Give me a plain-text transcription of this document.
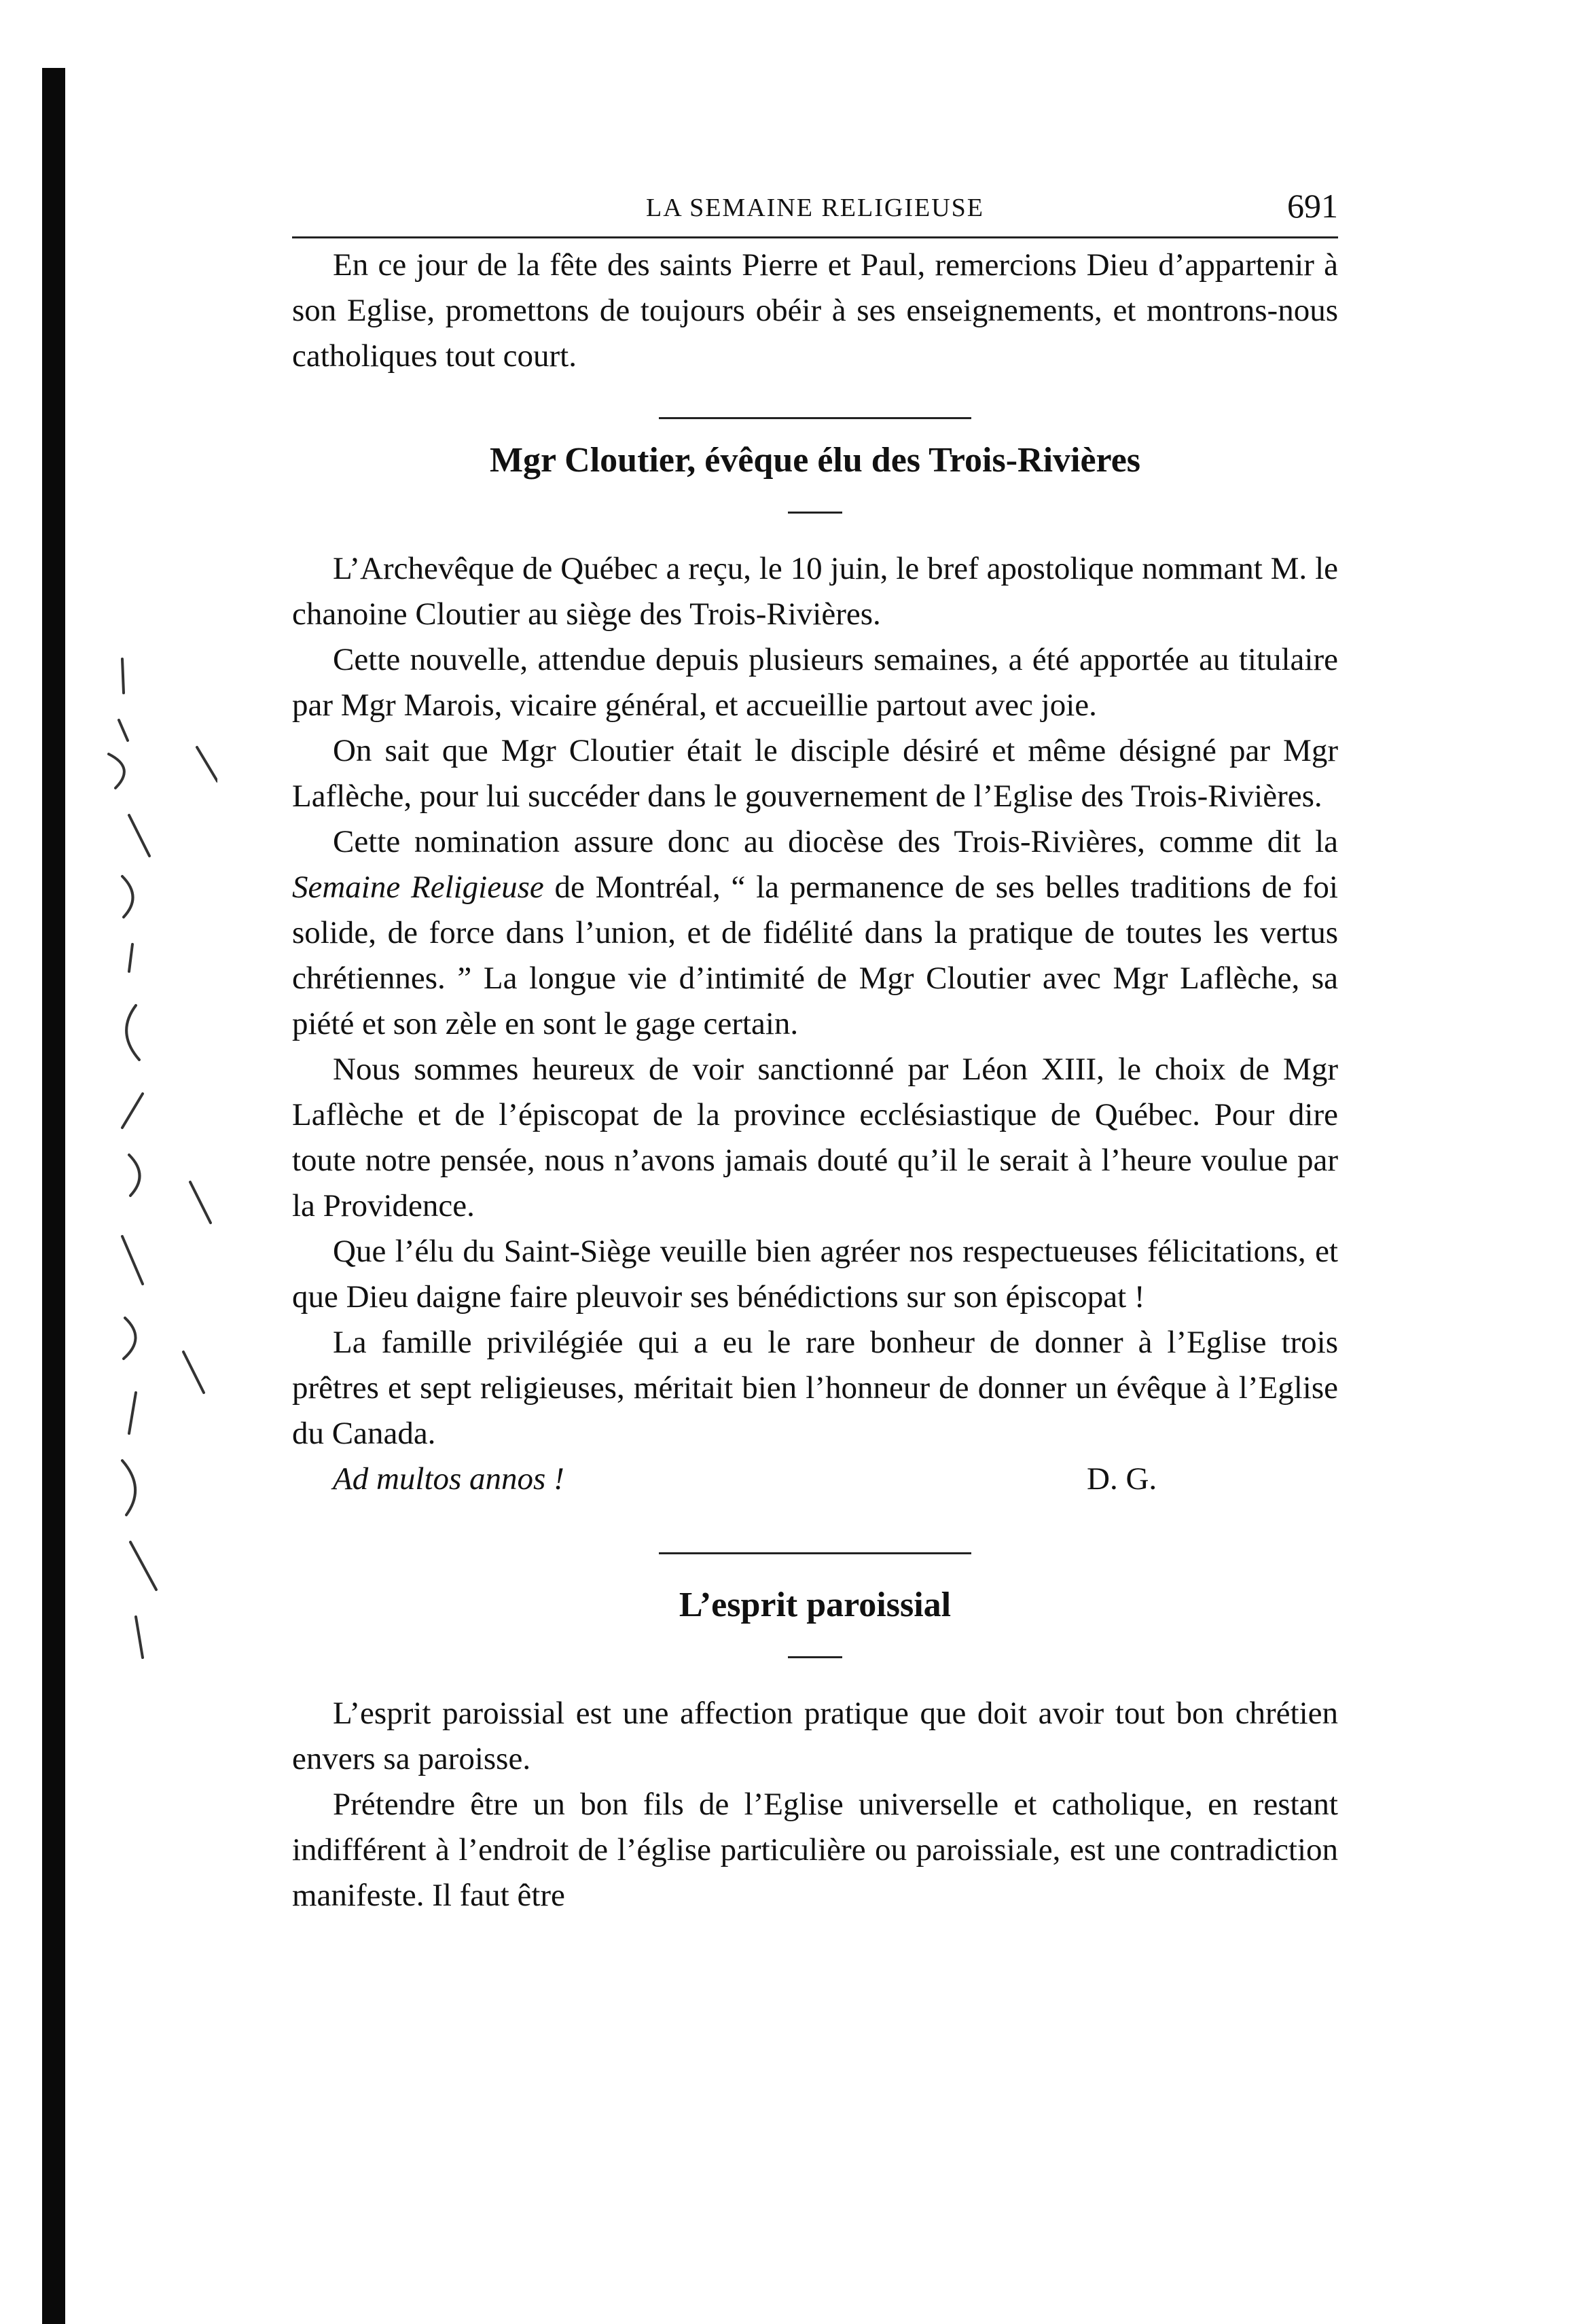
LA SEMAINE RELIGIEUSE	691

En ce jour de la fête des saints Pierre et Paul, remercions Dieu d’appartenir à son Eglise, promettons de toujours obéir à ses enseignements, et montrons-nous catholiques tout court.

Mgr Cloutier, évêque élu des Trois-Rivières

L’Archevêque de Québec a reçu, le 10 juin, le bref apostolique nommant M. le chanoine Cloutier au siège des Trois-Rivières.

Cette nouvelle, attendue depuis plusieurs semaines, a été apportée au titulaire par Mgr Marois, vicaire général, et accueillie partout avec joie.

On sait que Mgr Cloutier était le disciple désiré et même désigné par Mgr Laflèche, pour lui succéder dans le gouvernement de l’Eglise des Trois-Rivières.

Cette nomination assure donc au diocèse des Trois-Rivières, comme dit la Semaine Religieuse de Montréal, “ la permanence de ses belles traditions de foi solide, de force dans l’union, et de fidélité dans la pratique de toutes les vertus chrétiennes. ” La longue vie d’intimité de Mgr Cloutier avec Mgr Laflèche, sa piété et son zèle en sont le gage certain.

Nous sommes heureux de voir sanctionné par Léon XIII, le choix de Mgr Laflèche et de l’épiscopat de la province ecclésiastique de Québec. Pour dire toute notre pensée, nous n’avons jamais douté qu’il le serait à l’heure voulue par la Providence.

Que l’élu du Saint-Siège veuille bien agréer nos respectueuses félicitations, et que Dieu daigne faire pleuvoir ses bénédictions sur son épiscopat !

La famille privilégiée qui a eu le rare bonheur de donner à l’Eglise trois prêtres et sept religieuses, méritait bien l’honneur de donner un évêque à l’Eglise du Canada.

Ad multos annos !	D. G.
L’esprit paroissial

L’esprit paroissial est une affection pratique que doit avoir tout bon chrétien envers sa paroisse.

Prétendre être un bon fils de l’Eglise universelle et catholique, en restant indifférent à l’endroit de l’église particulière ou paroissiale, est une contradiction manifeste. Il faut être
